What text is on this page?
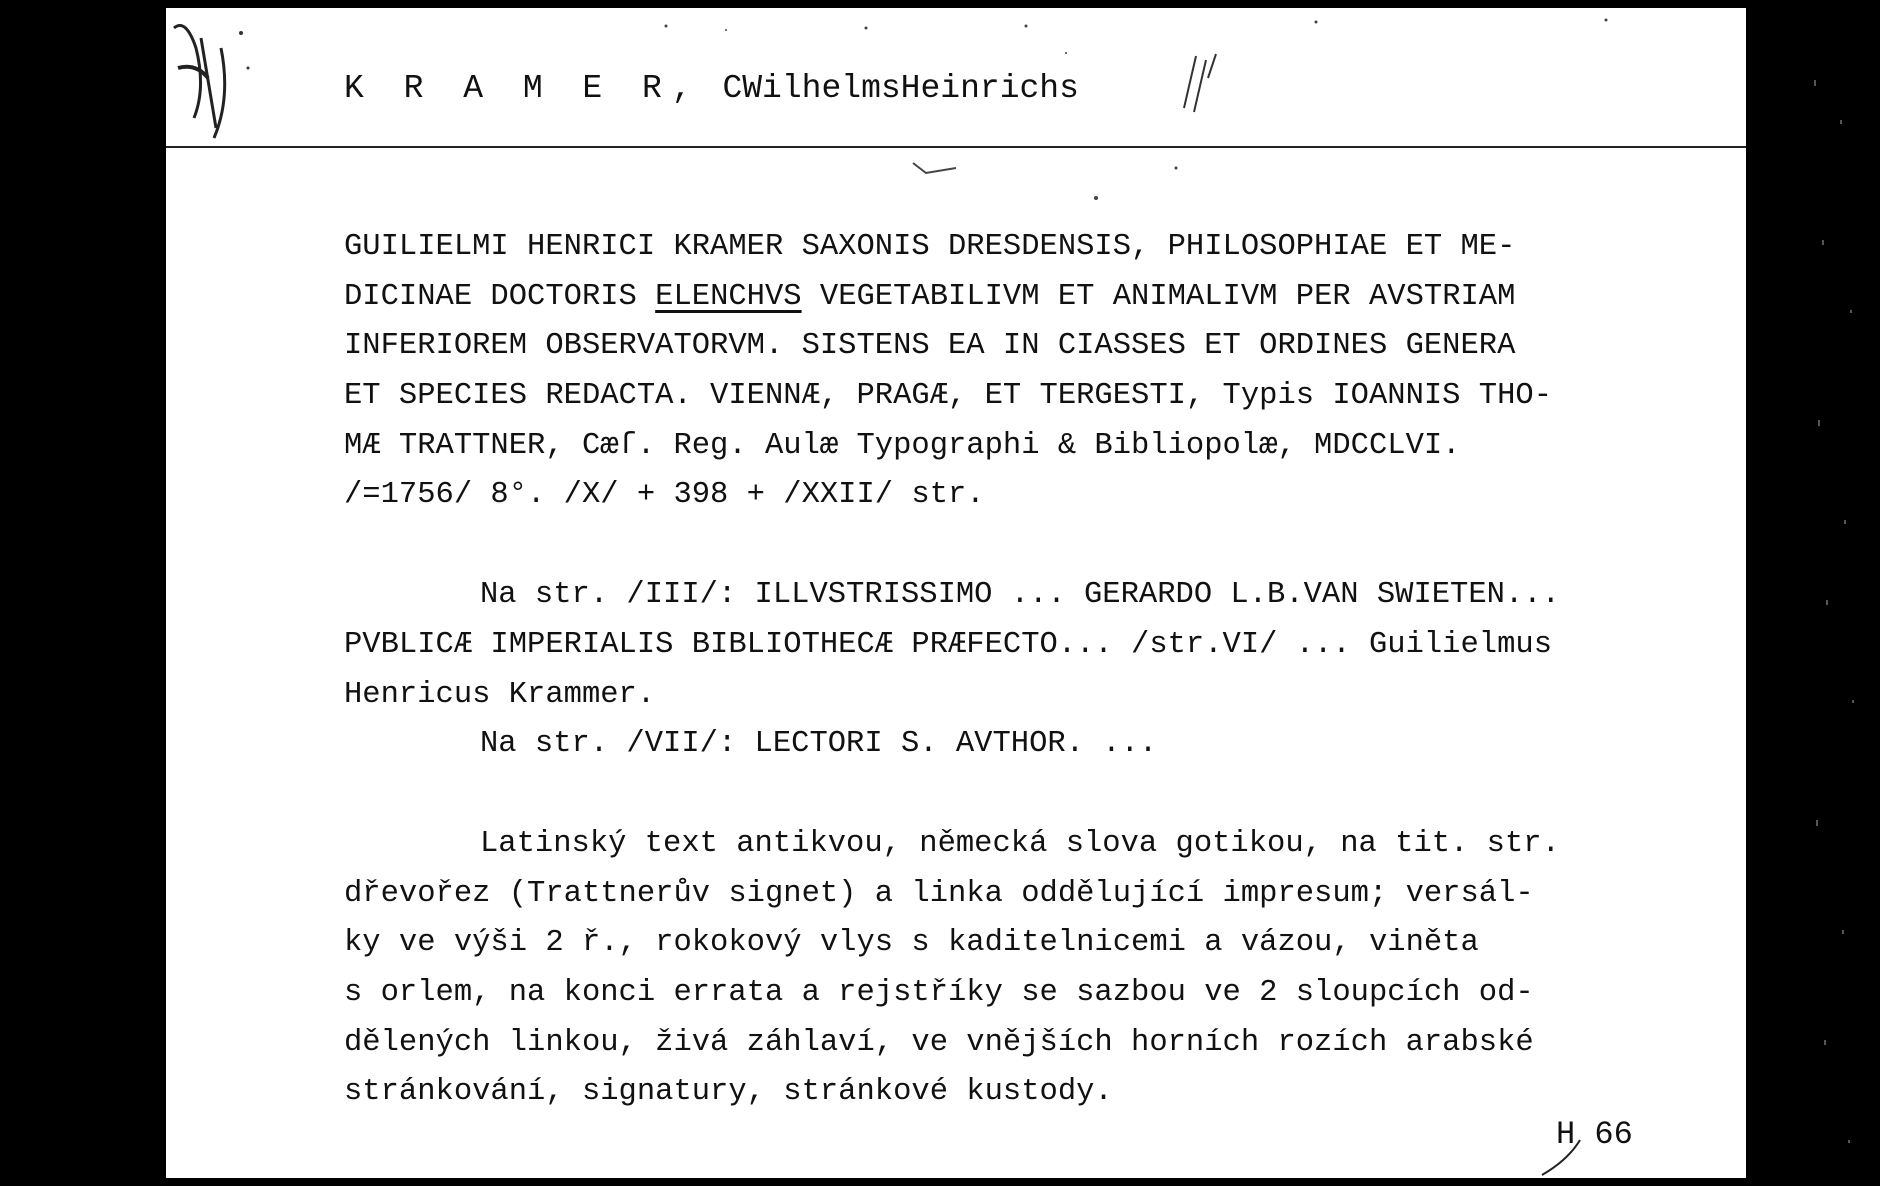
K R A M E R, CWilhelmsHeinrichs
GUILIELMI HENRICI KRAMER SAXONIS DRESDENSIS, PHILOSOPHIAE ET ME-
DICINAE DOCTORIS ELENCHVS VEGETABILIVM ET ANIMALIVM PER AVSTRIAM
INFERIOREM OBSERVATORVM. SISTENS EA IN CIASSES ET ORDINES GENERA
ET SPECIES REDACTA. VIENNÆ, PRAGÆ, ET TERGESTI, Typis IOANNIS THO-
MÆ TRATTNER, Cæſ. Reg. Aulæ Typographi & Bibliopolæ, MDCCLVI.
/=1756/ 8°. /X/ + 398 + /XXII/ str.
Na str. /III/: ILLVSTRISSIMO ... GERARDO L.B.VAN SWIETEN...
PVBLICÆ IMPERIALIS BIBLIOTHECÆ PRÆFECTO... /str.VI/ ... Guilielmus
Henricus Krammer.
Na str. /VII/: LECTORI S. AVTHOR. ...
Latinský text antikvou, německá slova gotikou, na tit. str.
dřevořez (Trattnerův signet) a linka oddělující impresum; versál-
ky ve výši 2 ř., rokokový vlys s kaditelnicemi a vázou, viněta
s orlem, na konci errata a rejstříky se sazbou ve 2 sloupcích od-
dělených linkou, živá záhlaví, ve vnějších horních rozích arabské
stránkování, signatury, stránkové kustody.
H 66
